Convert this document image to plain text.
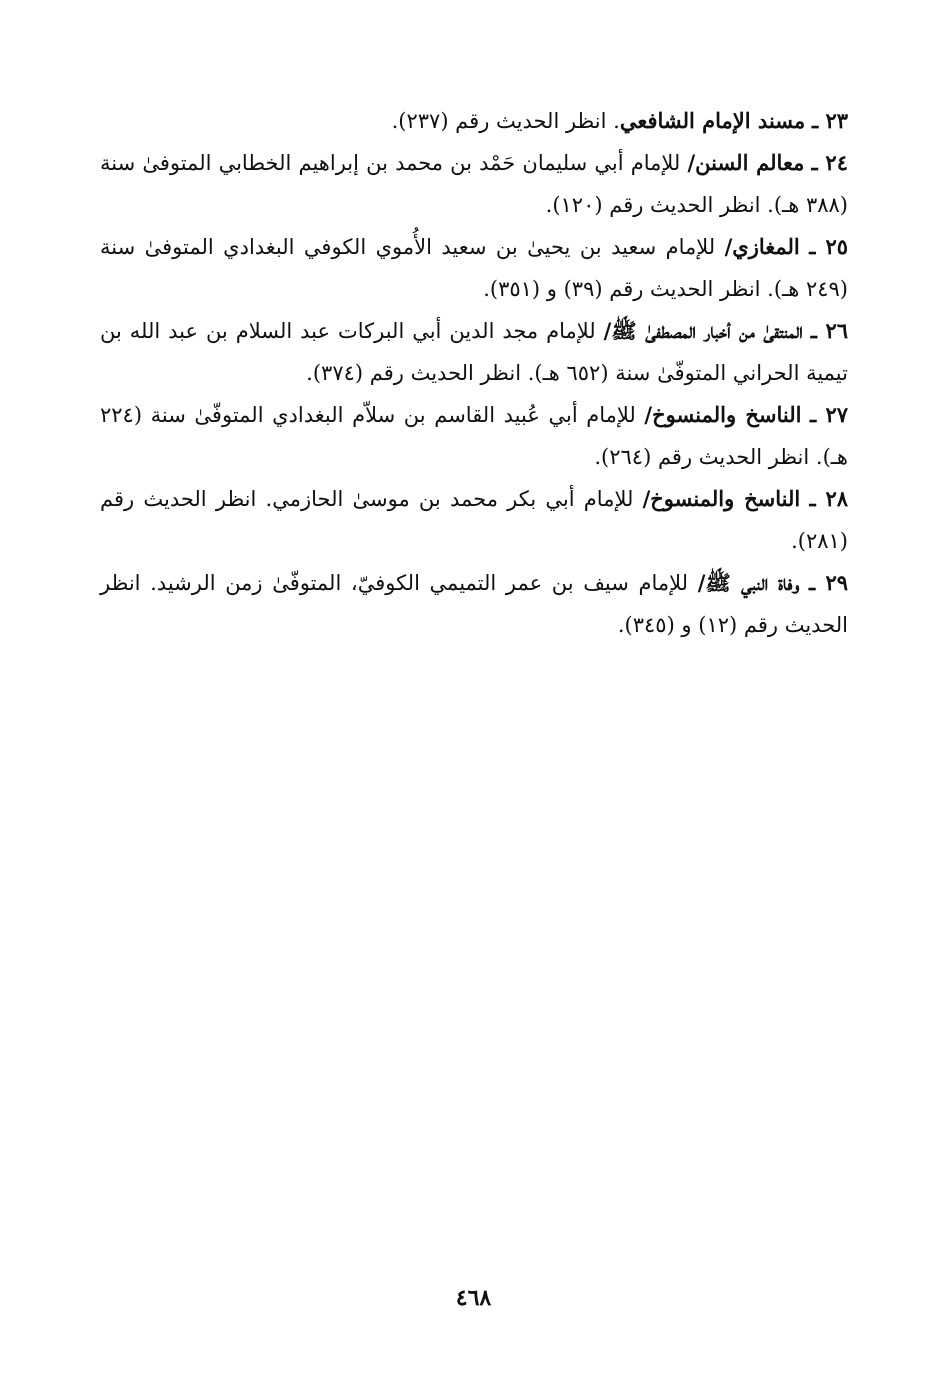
٢٣ ـ مسند الإمام الشافعي. انظر الحديث رقم (٢٣٧).

٢٤ ـ معالم السنن/ للإمام أبي سليمان حَمْد بن محمد بن إبراهيم الخطابي المتوفىٰ سنة (٣٨٨ هـ). انظر الحديث رقم (١٢٠).

٢٥ ـ المغازي/ للإمام سعيد بن يحيىٰ بن سعيد الأُموي الكوفي البغدادي المتوفىٰ سنة (٢٤٩ هـ). انظر الحديث رقم (٣٩) و (٣٥١).

٢٦ ـ المنتقىٰ من أخبار المصطفىٰ ﷺ/ للإمام مجد الدين أبي البركات عبد السلام بن عبد الله بن تيمية الحراني المتوفّىٰ سنة (٦٥٢ هـ). انظر الحديث رقم (٣٧٤).

٢٧ ـ الناسخ والمنسوخ/ للإمام أبي عُبيد القاسم بن سلاّم البغدادي المتوفّىٰ سنة (٢٢٤ هـ). انظر الحديث رقم (٢٦٤).

٢٨ ـ الناسخ والمنسوخ/ للإمام أبي بكر محمد بن موسىٰ الحازمي. انظر الحديث رقم (٢٨١).

٢٩ ـ وفاة النبي ﷺ/ للإمام سيف بن عمر التميمي الكوفيّ، المتوفّىٰ زمن الرشيد. انظر الحديث رقم (١٢) و (٣٤٥).

٤٦٨
